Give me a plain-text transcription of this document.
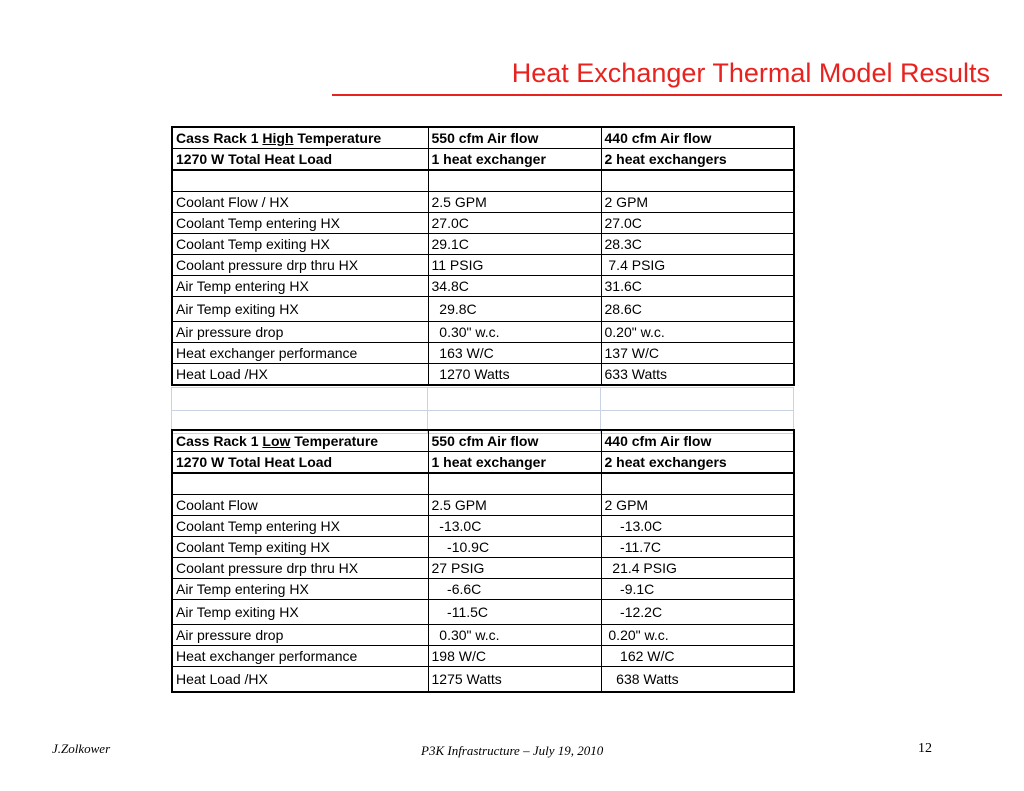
Heat Exchanger Thermal Model Results
Cass Rack 1 High Temperature	550 cfm Air flow	440 cfm Air flow
1270 W Total Heat Load	1 heat exchanger	2 heat exchangers

Coolant Flow / HX	2.5 GPM	2 GPM
Coolant Temp entering HX	27.0C	27.0C
Coolant Temp exiting HX	29.1C	28.3C
Coolant pressure drp thru HX	11 PSIG	7.4 PSIG
Air Temp entering HX	34.8C	31.6C
Air Temp exiting HX	29.8C	28.6C
Air pressure drop	0.30" w.c.	0.20" w.c.
Heat exchanger performance	163 W/C	137 W/C
Heat Load /HX	1270 Watts	633 Watts

Cass Rack 1 Low Temperature	550 cfm Air flow	440 cfm Air flow
1270 W Total Heat Load	1 heat exchanger	2 heat exchangers

Coolant Flow	2.5 GPM	2 GPM
Coolant Temp entering HX	-13.0C	-13.0C
Coolant Temp exiting HX	-10.9C	-11.7C
Coolant pressure drp thru HX	27 PSIG	21.4 PSIG
Air Temp entering HX	-6.6C	-9.1C
Air Temp exiting HX	-11.5C	-12.2C
Air pressure drop	0.30" w.c.	0.20" w.c.
Heat exchanger performance	198 W/C	162 W/C
Heat Load /HX	1275 Watts	638 Watts
J.Zolkower	P3K Infrastructure – July 19, 2010	12
